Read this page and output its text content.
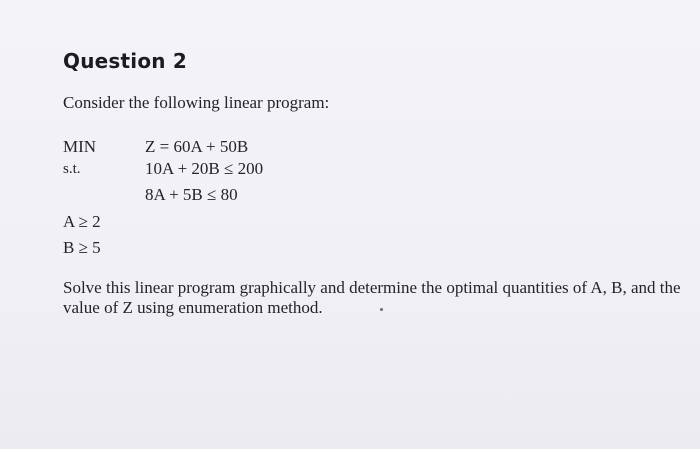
Question 2
Consider the following linear program:
MIN	Z = 60A + 50B
s.t.	10A + 20B ≤ 200
8A + 5B ≤ 80
A ≥ 2
B ≥ 5
Solve this linear program graphically and determine the optimal quantities of A, B, and the value of Z using enumeration method.
